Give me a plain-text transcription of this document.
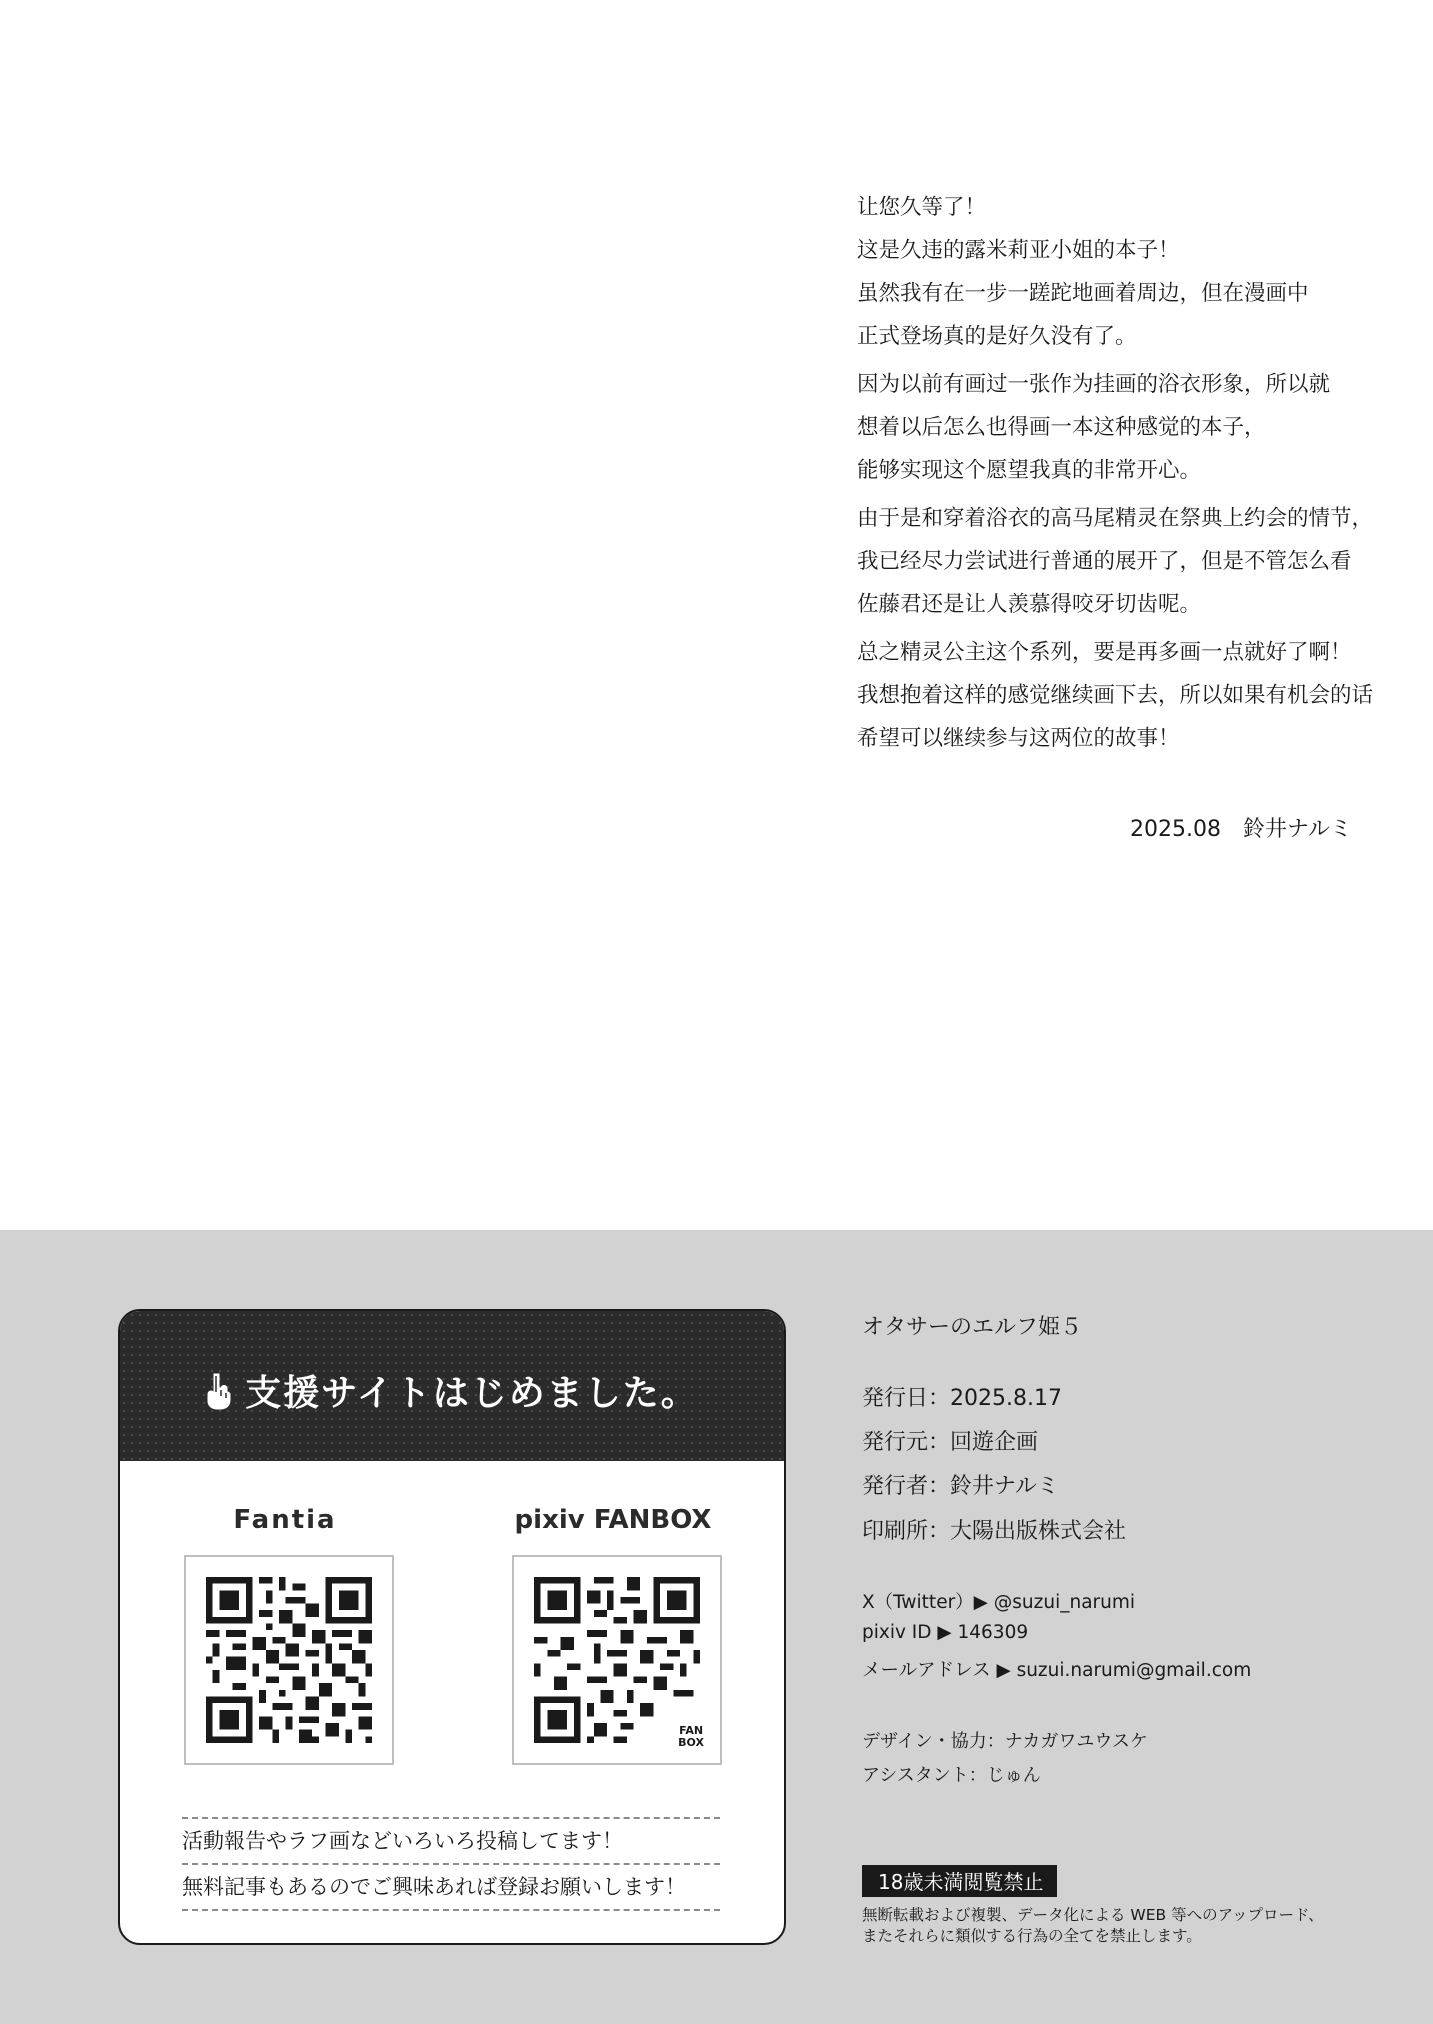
让您久等了！
这是久违的露米莉亚小姐的本子！
虽然我有在一步一蹉跎地画着周边，但在漫画中
正式登场真的是好久没有了。
因为以前有画过一张作为挂画的浴衣形象，所以就
想着以后怎么也得画一本这种感觉的本子，
能够实现这个愿望我真的非常开心。
由于是和穿着浴衣的高马尾精灵在祭典上约会的情节，
我已经尽力尝试进行普通的展开了，但是不管怎么看
佐藤君还是让人羡慕得咬牙切齿呢。
总之精灵公主这个系列，要是再多画一点就好了啊！
我想抱着这样的感觉继续画下去，所以如果有机会的话
希望可以继续参与这两位的故事！
2025.08 鈴井ナルミ
支援サイトはじめました。
Fantia	pixiv FANBOX
FAN
BOX
活動報告やラフ画などいろいろ投稿してます！
無料記事もあるのでご興味あれば登録お願いします！
オタサーのエルフ姫５
発行日：2025.8.17
発行元：回遊企画
発行者：鈴井ナルミ
印刷所：大陽出版株式会社
X（Twitter）▶ @suzui_narumi
pixiv ID ▶ 146309
メールアドレス ▶ suzui.narumi@gmail.com
デザイン・協力：ナカガワユウスケ
アシスタント：じゅん
18歳未満閲覧禁止
無断転載および複製、データ化による WEB 等へのアップロード、
またそれらに類似する行為の全てを禁止します。
